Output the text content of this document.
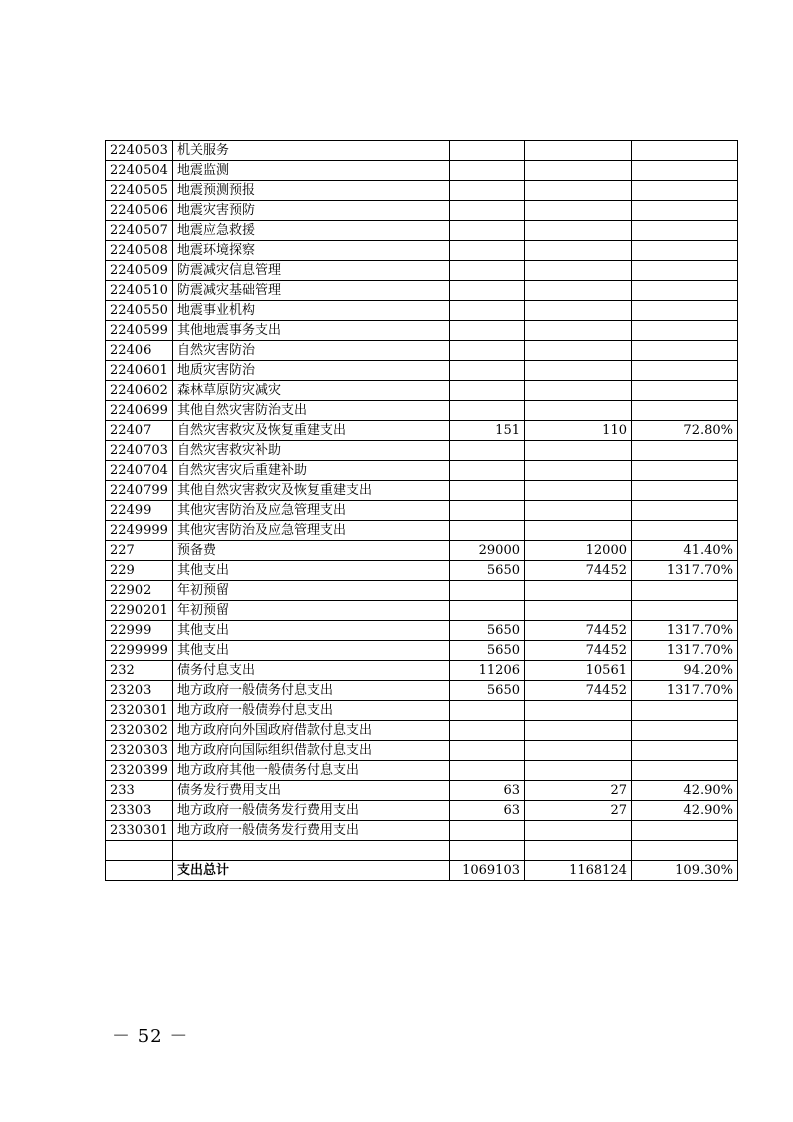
2240503	机关服务			
2240504	地震监测			
2240505	地震预测预报			
2240506	地震灾害预防			
2240507	地震应急救援			
2240508	地震环境探察			
2240509	防震减灾信息管理			
2240510	防震减灾基础管理			
2240550	地震事业机构			
2240599	其他地震事务支出			
22406	自然灾害防治			
2240601	地质灾害防治			
2240602	森林草原防灾减灾			
2240699	其他自然灾害防治支出			
22407	自然灾害救灾及恢复重建支出	151	110	72.80%
2240703	自然灾害救灾补助			
2240704	自然灾害灾后重建补助			
2240799	其他自然灾害救灾及恢复重建支出			
22499	其他灾害防治及应急管理支出			
2249999	其他灾害防治及应急管理支出			
227	预备费	29000	12000	41.40%
229	其他支出	5650	74452	1317.70%
22902	年初预留			
2290201	年初预留			
22999	其他支出	5650	74452	1317.70%
2299999	其他支出	5650	74452	1317.70%
232	债务付息支出	11206	10561	94.20%
23203	地方政府一般债务付息支出	5650	74452	1317.70%
2320301	地方政府一般债券付息支出			
2320302	地方政府向外国政府借款付息支出			
2320303	地方政府向国际组织借款付息支出			
2320399	地方政府其他一般债务付息支出			
233	债务发行费用支出	63	27	42.90%
23303	地方政府一般债务发行费用支出	63	27	42.90%
2330301	地方政府一般债务发行费用支出			

	支出总计	1069103	1168124	109.30%
－ 52 －
